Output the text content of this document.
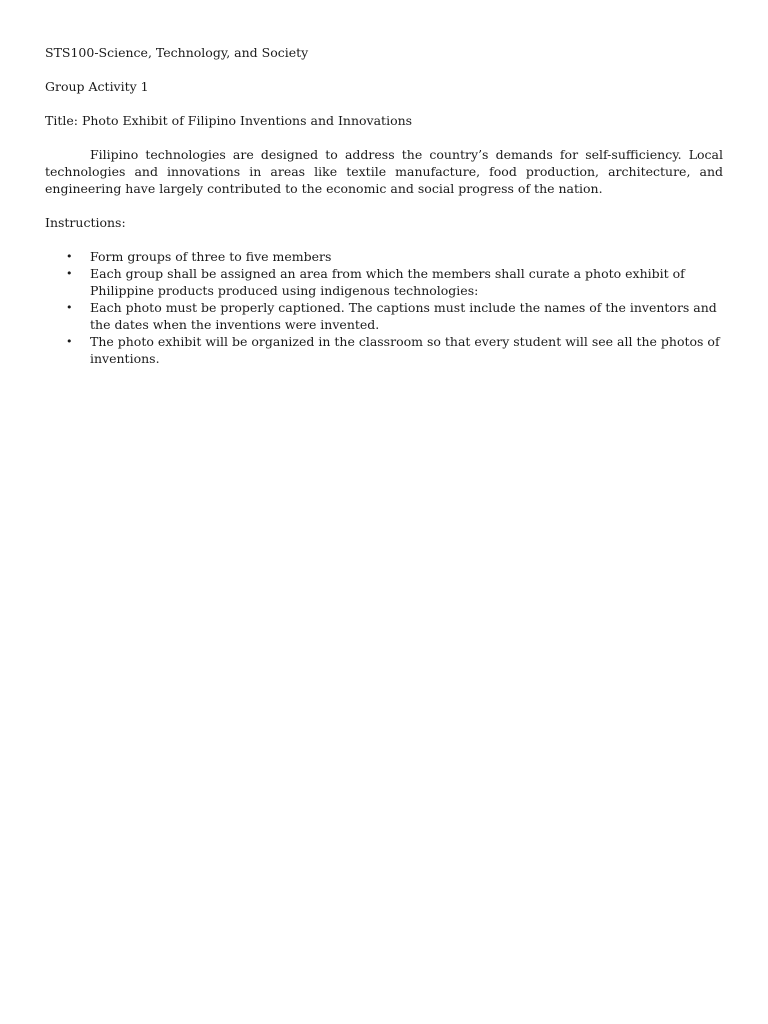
STS100-Science, Technology, and Society

Group Activity 1

Title: Photo Exhibit of Filipino Inventions and Innovations

Filipino technologies are designed to address the country’s demands for self-sufficiency. Local technologies and innovations in areas like textile manufacture, food production, architecture, and engineering have largely contributed to the economic and social progress of the nation.

Instructions:

• Form groups of three to five members
• Each group shall be assigned an area from which the members shall curate a photo exhibit of Philippine products produced using indigenous technologies:
• Each photo must be properly captioned. The captions must include the names of the inventors and the dates when the inventions were invented.
• The photo exhibit will be organized in the classroom so that every student will see all the photos of inventions.
